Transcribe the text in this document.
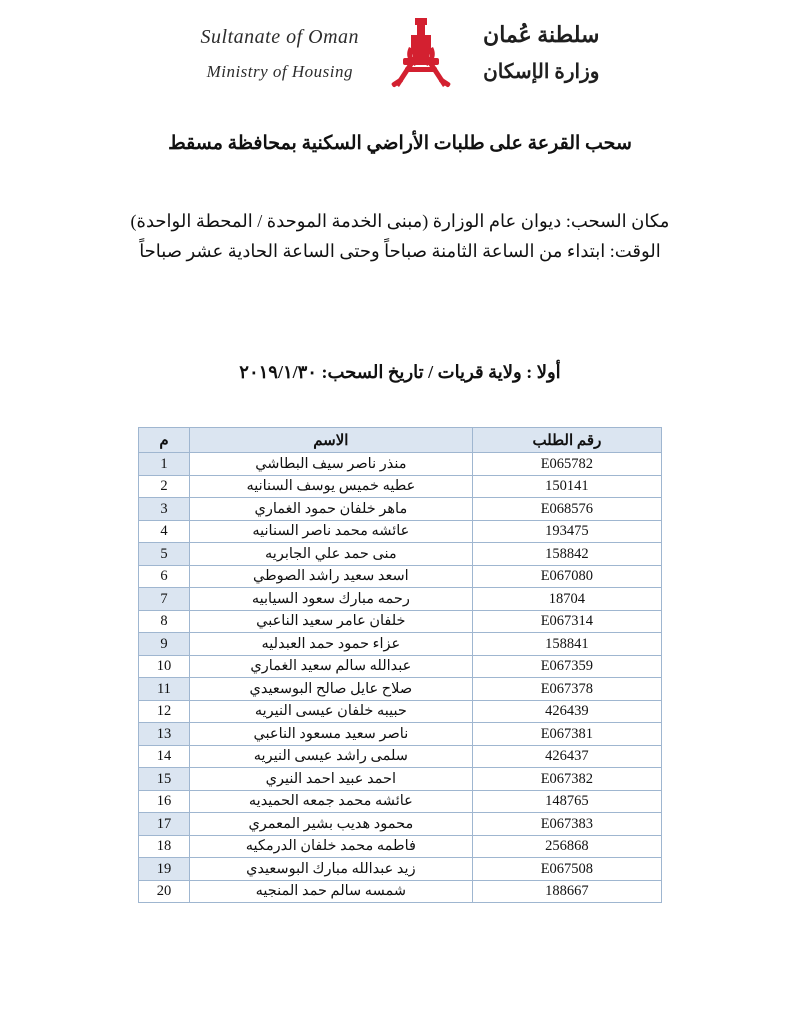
Sultanate of Oman
Ministry of Housing
سلطنة عُمان
وزارة الإسكان
سحب القرعة على طلبات الأراضي السكنية بمحافظة مسقط
مكان السحب: ديوان عام الوزارة (مبنى الخدمة الموحدة / المحطة الواحدة)
الوقت: ابتداء من الساعة الثامنة صباحاً وحتى الساعة الحادية عشر صباحاً
أولا : ولاية قريات / تاريخ السحب: ٢٠١٩/١/٣٠
رقم الطلب	الاسم	م
E065782	منذر ناصر سيف البطاشي	1
150141	عطيه خميس يوسف السنانيه	2
E068576	ماهر خلفان حمود الغماري	3
193475	عائشه محمد ناصر السنانيه	4
158842	منى حمد علي الجابريه	5
E067080	اسعد سعيد راشد الصوطي	6
18704	رحمه مبارك سعود السيابيه	7
E067314	خلفان عامر سعيد الناعبي	8
158841	عزاء حمود حمد العبدليه	9
E067359	عبدالله سالم سعيد الغماري	10
E067378	صلاح عايل صالح البوسعيدي	11
426439	حبيبه خلفان عيسى النيريه	12
E067381	ناصر سعيد مسعود الناعبي	13
426437	سلمى راشد عيسى النيريه	14
E067382	احمد عبيد احمد النيري	15
148765	عائشه محمد جمعه الحميديه	16
E067383	محمود هديب بشير المعمري	17
256868	فاطمه محمد خلفان الدرمكيه	18
E067508	زيد عبدالله مبارك البوسعيدي	19
188667	شمسه سالم حمد المنجيه	20
